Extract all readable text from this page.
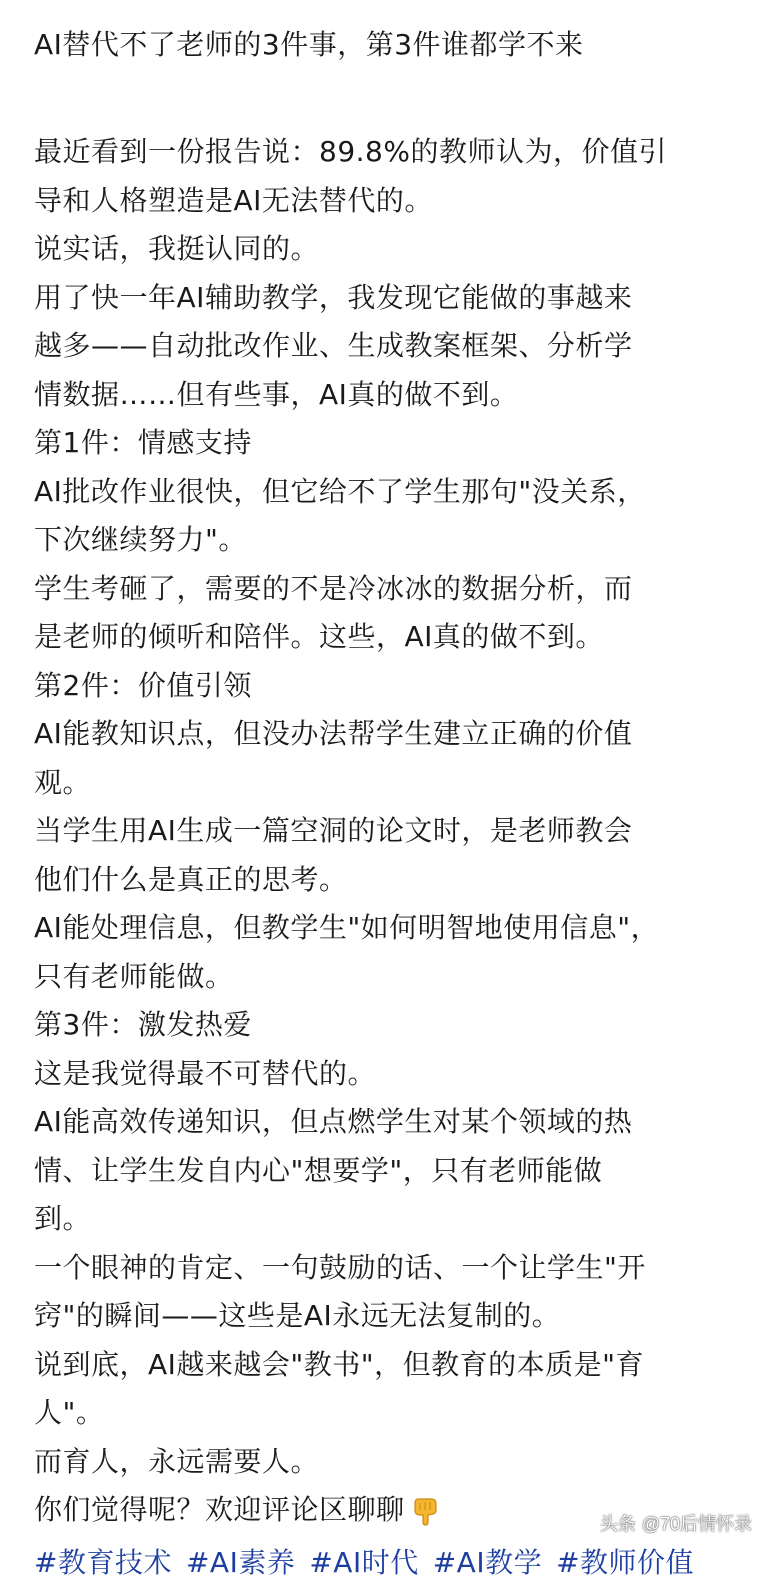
AI替代不了老师的3件事，第3件谁都学不来

最近看到一份报告说：89.8%的教师认为，价值引
导和人格塑造是AI无法替代的。

说实话，我挺认同的。

用了快一年AI辅助教学，我发现它能做的事越来
越多——自动批改作业、生成教案框架、分析学
情数据……但有些事，AI真的做不到。

第1件：情感支持

AI批改作业很快，但它给不了学生那句"没关系，
下次继续努力"。

学生考砸了，需要的不是冷冰冰的数据分析，而
是老师的倾听和陪伴。这些，AI真的做不到。

第2件：价值引领

AI能教知识点，但没办法帮学生建立正确的价值
观。

当学生用AI生成一篇空洞的论文时，是老师教会
他们什么是真正的思考。

AI能处理信息，但教学生"如何明智地使用信息"，
只有老师能做。

第3件：激发热爱

这是我觉得最不可替代的。

AI能高效传递知识，但点燃学生对某个领域的热
情、让学生发自内心"想要学"，只有老师能做
到。

一个眼神的肯定、一句鼓励的话、一个让学生"开
窍"的瞬间——这些是AI永远无法复制的。

说到底，AI越来越会"教书"，但教育的本质是"育
人"。

而育人，永远需要人。

你们觉得呢？欢迎评论区聊聊

#教育技术 #AI素养 #AI时代 #AI教学 #教师价值
头条 @70后情怀录
